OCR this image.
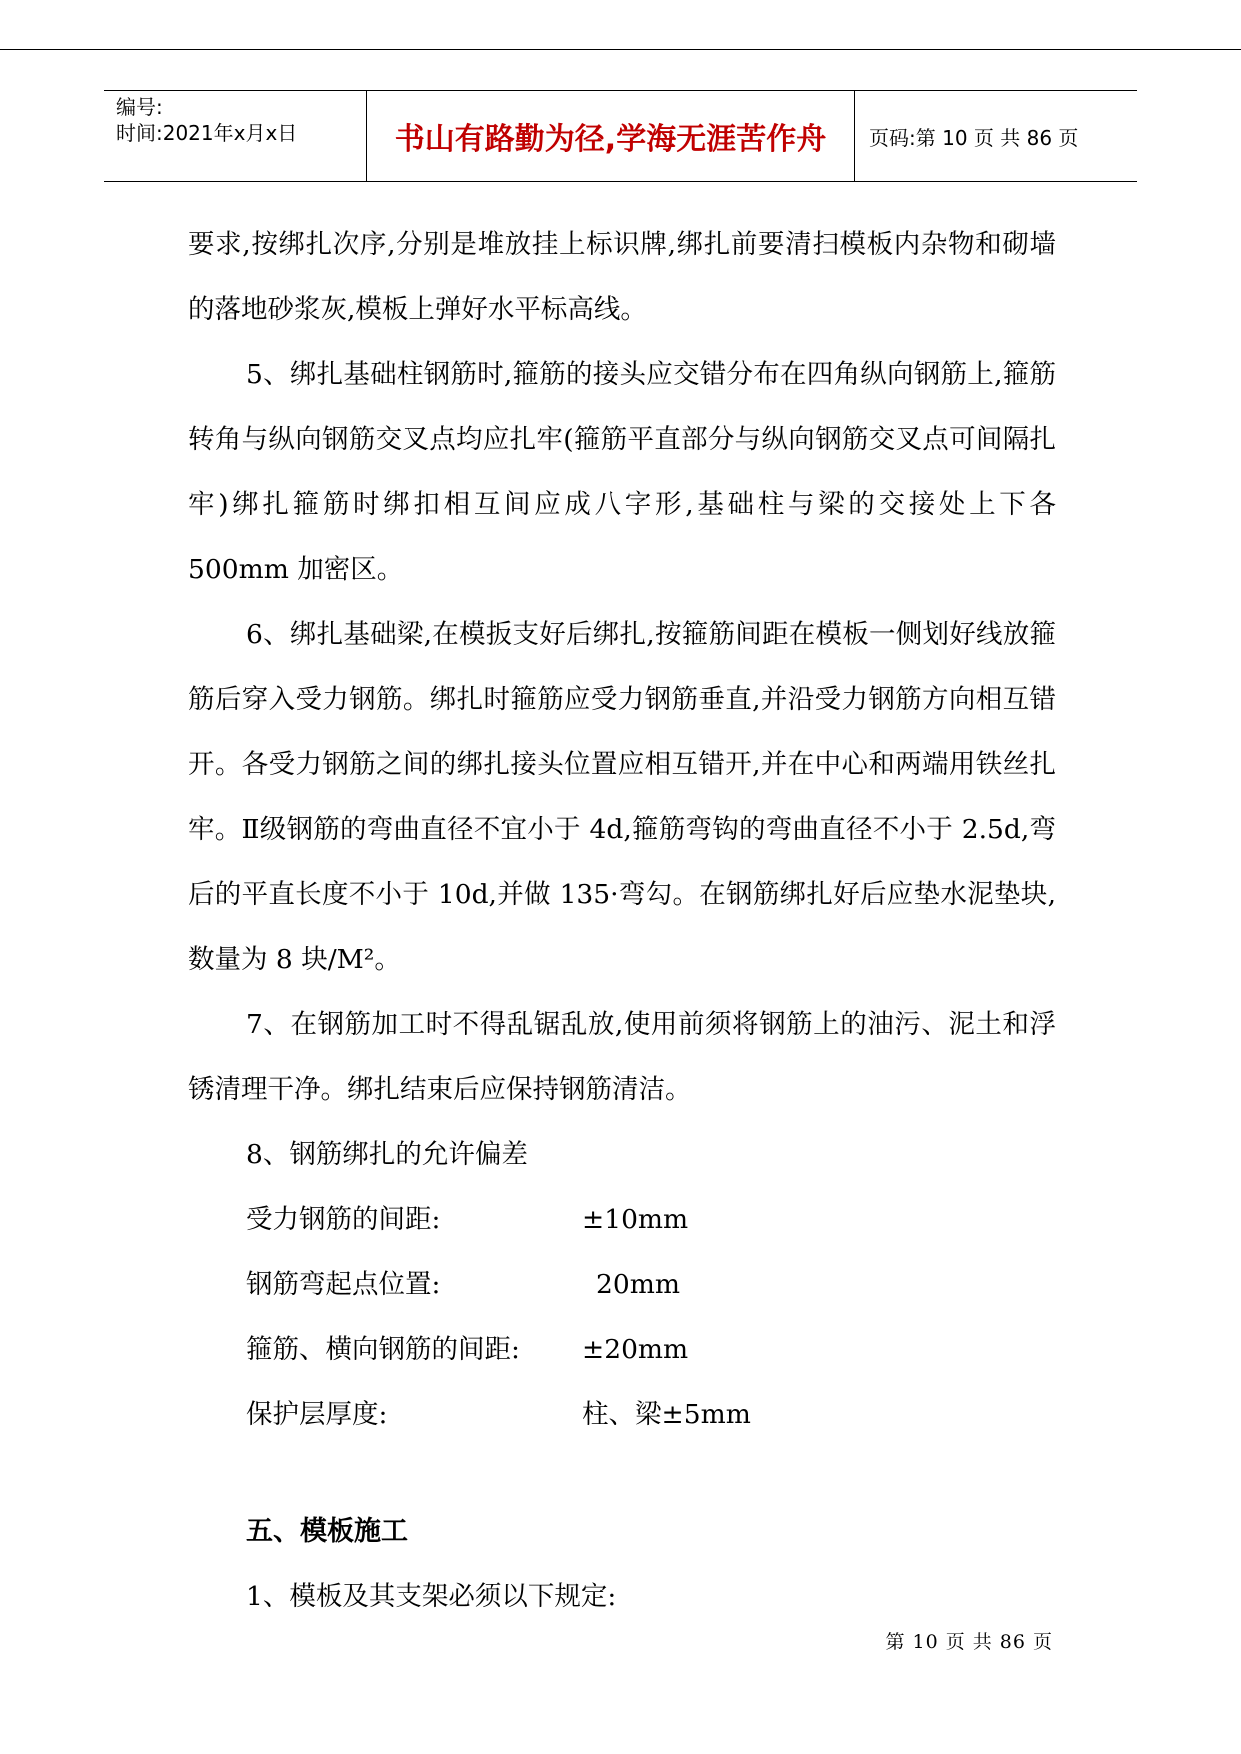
编号:
时间:2021年x月x日	书山有路勤为径,学海无涯苦作舟	页码:第 10 页 共 86 页

要求,按绑扎次序,分别是堆放挂上标识牌,绑扎前要清扫模板内杂物和砌墙的落地砂浆灰,模板上弹好水平标高线。

5、绑扎基础柱钢筋时,箍筋的接头应交错分布在四角纵向钢筋上,箍筋转角与纵向钢筋交叉点均应扎牢(箍筋平直部分与纵向钢筋交叉点可间隔扎牢)绑扎箍筋时绑扣相互间应成八字形,基础柱与梁的交接处上下各 500mm 加密区。

6、绑扎基础梁,在模扳支好后绑扎,按箍筋间距在模板一侧划好线放箍筋后穿入受力钢筋。绑扎时箍筋应受力钢筋垂直,并沿受力钢筋方向相互错开。各受力钢筋之间的绑扎接头位置应相互错开,并在中心和两端用铁丝扎牢。Ⅱ级钢筋的弯曲直径不宜小于 4d,箍筋弯钩的弯曲直径不小于 2.5d,弯后的平直长度不小于 10d,并做 135·弯勾。在钢筋绑扎好后应垫水泥垫块,数量为 8 块/M²。

7、在钢筋加工时不得乱锯乱放,使用前须将钢筋上的油污、泥土和浮锈清理干净。绑扎结束后应保持钢筋清洁。

8、钢筋绑扎的允许偏差

受力钢筋的间距:	±10mm
钢筋弯起点位置:	20mm
箍筋、横向钢筋的间距:	±20mm
保护层厚度:	柱、梁±5mm
五、模板施工
1、模板及其支架必须以下规定:
第 10 页 共 86 页
